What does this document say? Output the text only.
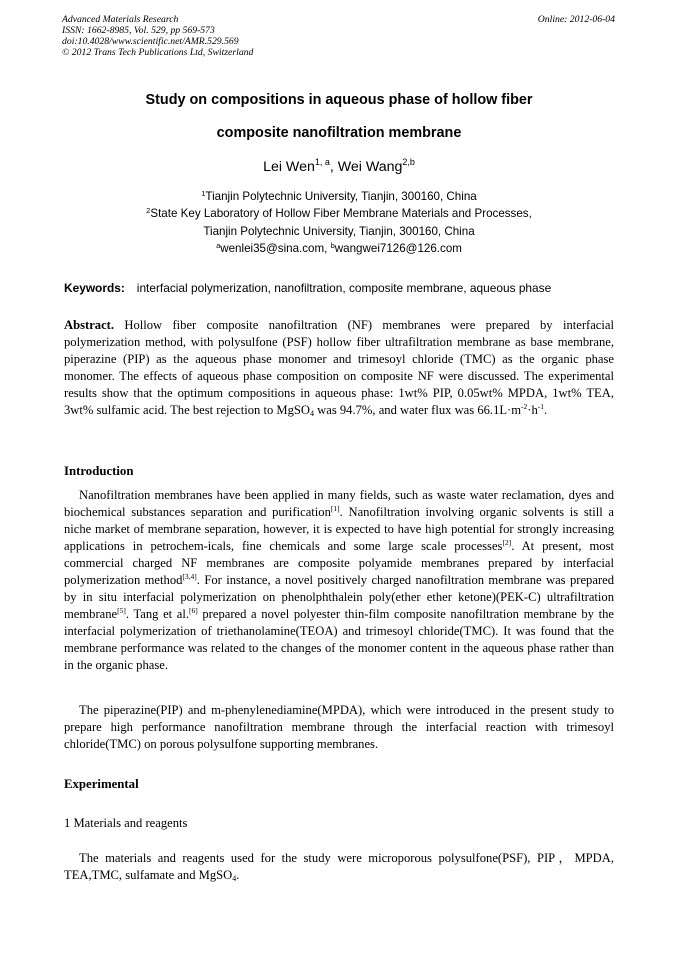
Advanced Materials Research
ISSN: 1662-8985, Vol. 529, pp 569-573
doi:10.4028/www.scientific.net/AMR.529.569
© 2012 Trans Tech Publications Ltd, Switzerland
Online: 2012-06-04
Study on compositions in aqueous phase of hollow fiber
composite nanofiltration membrane
Lei Wen$^{1, a}$, Wei Wang$^{2,b}$
$^1$Tianjin Polytechnic University, Tianjin, 300160, China
$^2$State Key Laboratory of Hollow Fiber Membrane Materials and Processes,
Tianjin Polytechnic University, Tianjin, 300160, China
$^a$wenlei35@sina.com, $^b$wangwei7126@126.com
Keywords: interfacial polymerization, nanofiltration, composite membrane, aqueous phase

Abstract. Hollow fiber composite nanofiltration (NF) membranes were prepared by interfacial polymerization method, with polysulfone (PSF) hollow fiber ultrafiltration membrane as base membrane, piperazine (PIP) as the aqueous phase monomer and trimesoyl chloride (TMC) as the organic phase monomer. The effects of aqueous phase composition on composite NF were discussed. The experimental results show that the optimum compositions in aqueous phase: 1wt% PIP, 0.05wt% MPDA, 1wt% TEA, 3wt% sulfamic acid. The best rejection to MgSO$_4$ was 94.7%, and water flux was $66.1L\cdot m^{-2}\cdot h^{-1}$.

Introduction

Nanofiltration membranes have been applied in many fields, such as waste water reclamation, dyes and biochemical substances separation and purification[1]. Nanofiltration involving organic solvents is still a niche market of membrane separation, however, it is expected to have high potential for strongly increasing applications in petrochem-icals, fine chemicals and some large scale processes[2]. At present, most commercial charged NF membranes are composite polyamide membranes prepared by interfacial polymerization method[3,4]. For instance, a novel positively charged nanofiltration membrane was prepared by in situ interfacial polymerization on phenolphthalein poly(ether ether ketone)(PEK-C) ultrafiltration membrane[5]. Tang et al.[6] prepared a novel polyester thin-film composite nanofiltration membrane by the interfacial polymerization of triethanolamine(TEOA) and trimesoyl chloride(TMC). It was found that the membrane performance was related to the changes of the monomer content in the aqueous phase rather than in the organic phase.

The piperazine(PIP) and m-phenylenediamine(MPDA), which were introduced in the present study to prepare high performance nanofiltration membrane through the interfacial reaction with trimesoyl chloride(TMC) on porous polysulfone supporting membranes.

Experimental
1 Materials and reagents

The materials and reagents used for the study were microporous polysulfone(PSF), PIP，MPDA, TEA,TMC, sulfamate and MgSO$_4$.
